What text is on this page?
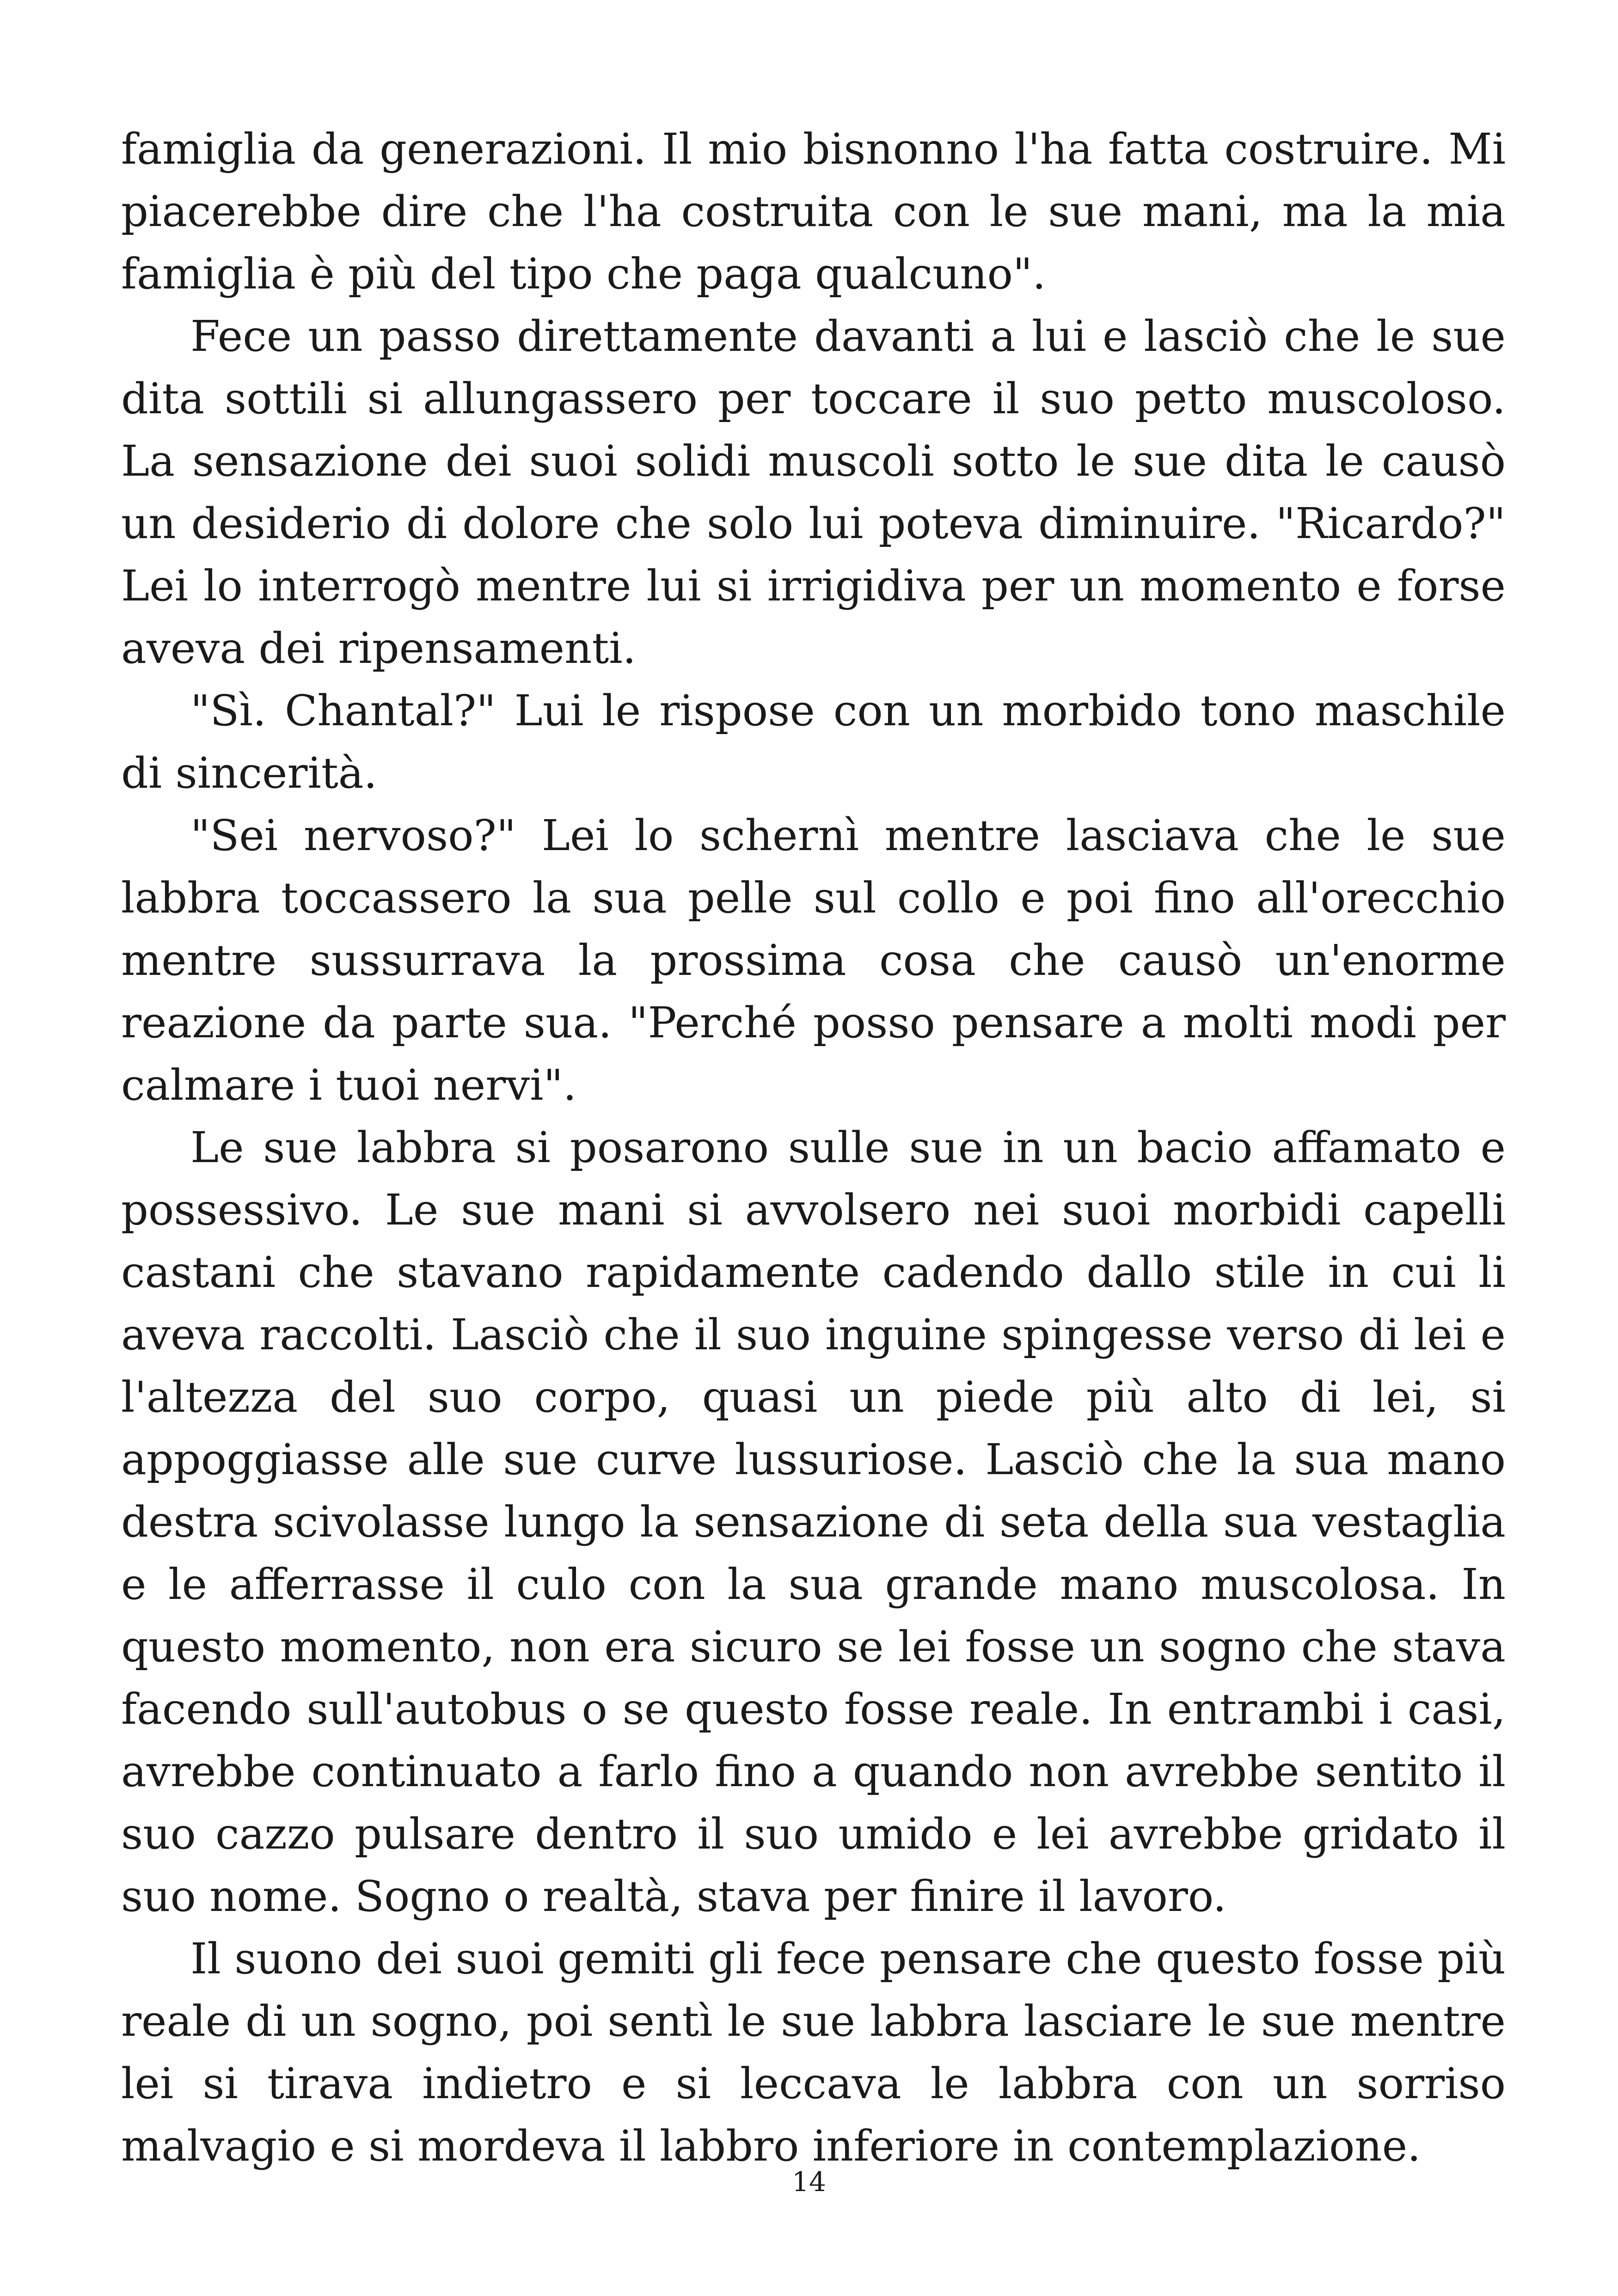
famiglia da generazioni. Il mio bisnonno l'ha fatta costruire. Mi piacerebbe dire che l'ha costruita con le sue mani, ma la mia famiglia è più del tipo che paga qualcuno".

Fece un passo direttamente davanti a lui e lasciò che le sue dita sottili si allungassero per toccare il suo petto muscoloso. La sensazione dei suoi solidi muscoli sotto le sue dita le causò un desiderio di dolore che solo lui poteva diminuire. "Ricardo?" Lei lo interrogò mentre lui si irrigidiva per un momento e forse aveva dei ripensamenti.

"Sì. Chantal?" Lui le rispose con un morbido tono maschile di sincerità.

"Sei nervoso?" Lei lo schernì mentre lasciava che le sue labbra toccassero la sua pelle sul collo e poi fino all'orecchio mentre sussurrava la prossima cosa che causò un'enorme reazione da parte sua. "Perché posso pensare a molti modi per calmare i tuoi nervi".

Le sue labbra si posarono sulle sue in un bacio affamato e possessivo. Le sue mani si avvolsero nei suoi morbidi capelli castani che stavano rapidamente cadendo dallo stile in cui li aveva raccolti. Lasciò che il suo inguine spingesse verso di lei e l'altezza del suo corpo, quasi un piede più alto di lei, si appoggiasse alle sue curve lussuriose. Lasciò che la sua mano destra scivolasse lungo la sensazione di seta della sua vestaglia e le afferrasse il culo con la sua grande mano muscolosa. In questo momento, non era sicuro se lei fosse un sogno che stava facendo sull'autobus o se questo fosse reale. In entrambi i casi, avrebbe continuato a farlo fino a quando non avrebbe sentito il suo cazzo pulsare dentro il suo umido e lei avrebbe gridato il suo nome. Sogno o realtà, stava per finire il lavoro.

Il suono dei suoi gemiti gli fece pensare che questo fosse più reale di un sogno, poi sentì le sue labbra lasciare le sue mentre lei si tirava indietro e si leccava le labbra con un sorriso malvagio e si mordeva il labbro inferiore in contemplazione.

14
